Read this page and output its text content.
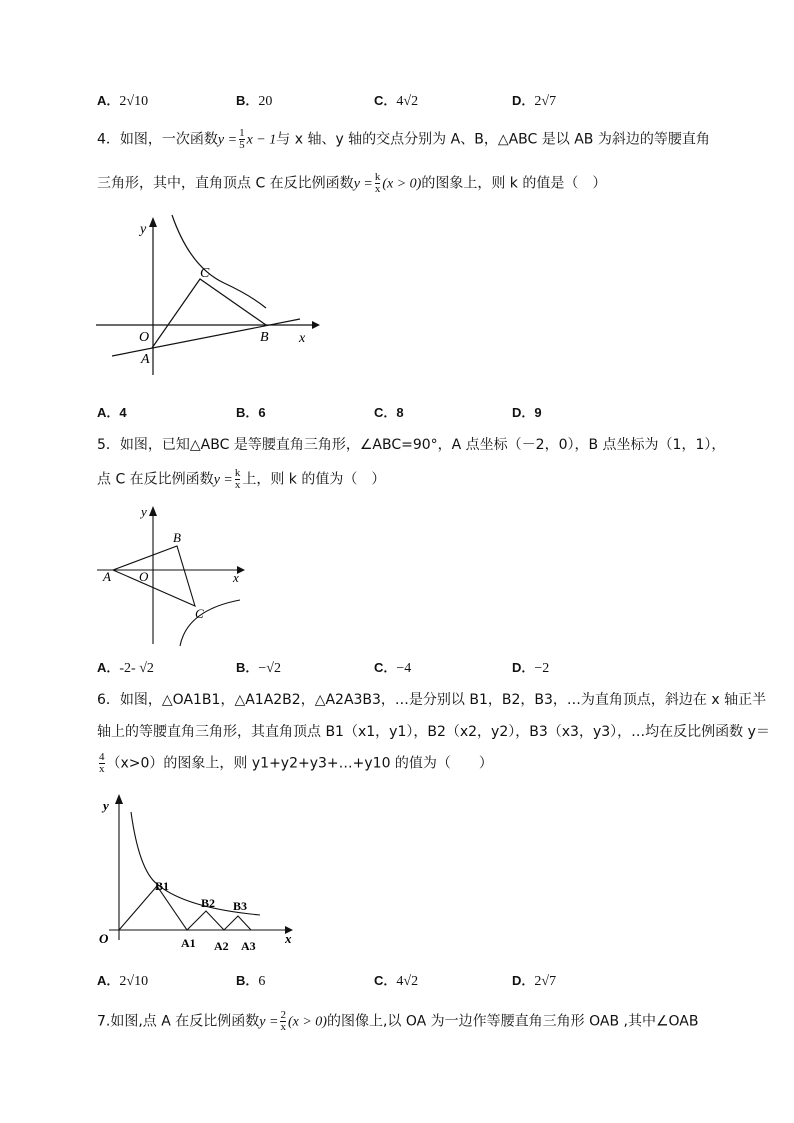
A．2√10	B．20	C．4√2	D．2√7
4．如图，一次函数$y = \frac{1}{5}$ x − 1与 x 轴、y 轴的交点分别为 A、B，△ABC 是以 AB 为斜边的等腰直角
三角形，其中，直角顶点 C 在反比例函数$y = \frac{k}{x} (x > 0)$的图象上，则 k 的值是（　）
y
x
O
A
B
C
A．4	B．6	C．8	D．9
5．如图，已知△ABC 是等腰直角三角形，∠ABC=90°，A 点坐标（－2，0），B 点坐标为（1，1），
点 C 在反比例函数$y = \frac{k}{x}$ 上，则 k 的值为（　）
y
x
O
A
B
C
A．-2- √2	B．−√2	C．−4	D．−2
6．如图，△OA1B1，△A1A2B2，△A2A3B3，…是分别以 B1，B2，B3，…为直角顶点，斜边在 x 轴正半
轴上的等腰直角三角形，其直角顶点 B1（x1，y1），B2（x2，y2），B3（x3，y3），…均在反比例函数 y＝
$\frac{4}{x} (x>0)$的图象上，则 y1+y2+y3+…+y10 的值为（　　）
y
x
O
B1
B2 B3
A1 A2 A3
A．2√10	B．6	C．4√2	D．2√7
7.如图,点 A 在反比例函数$y = \frac{2}{x} (x > 0)$的图像上,以 OA 为一边作等腰直角三角形 OAB ,其中∠OAB
